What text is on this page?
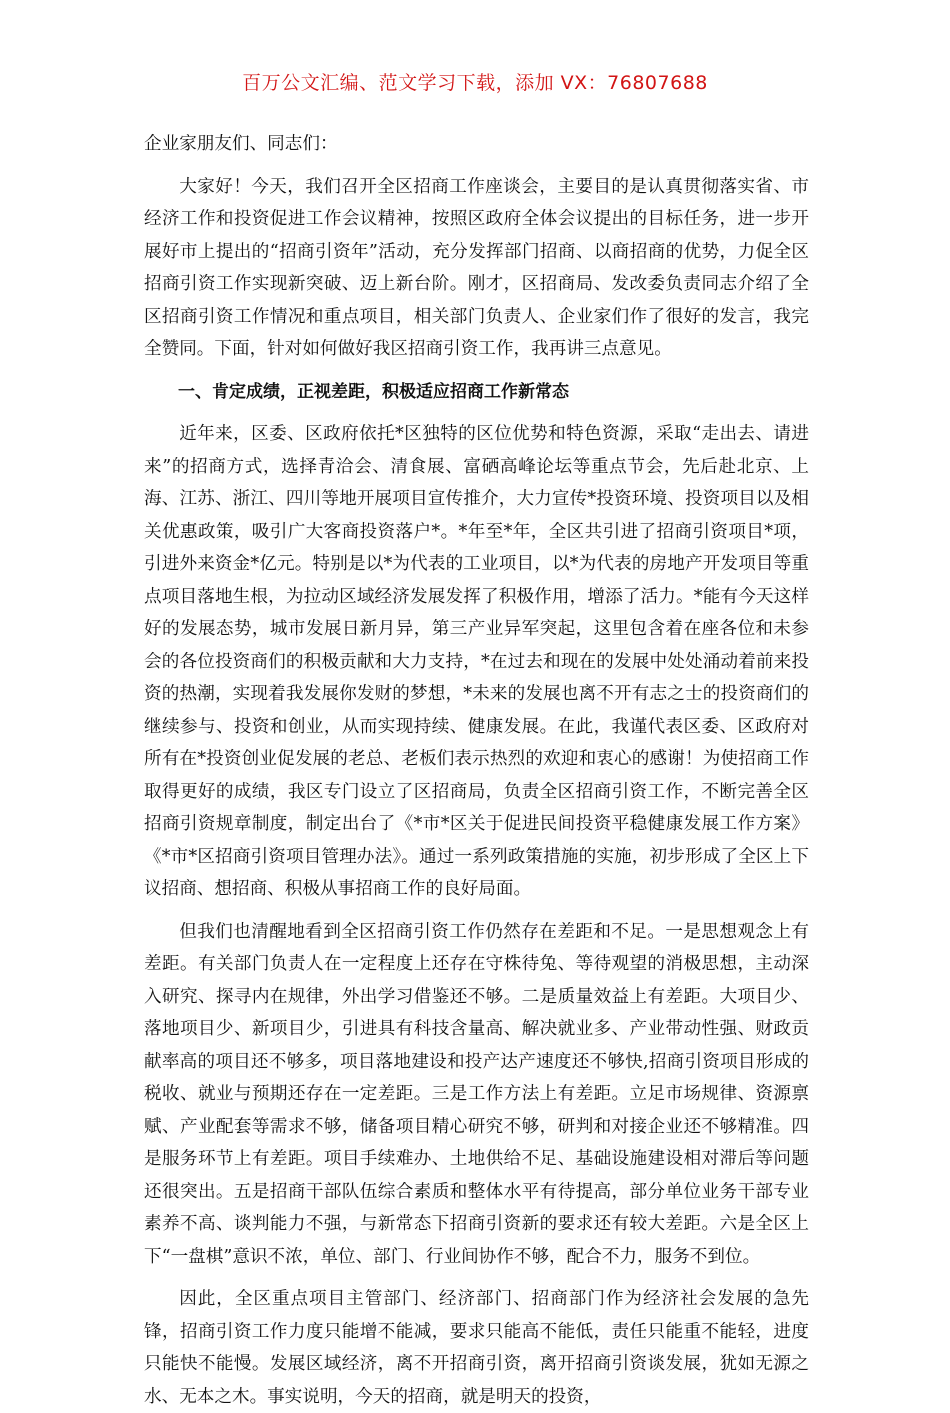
百万公文汇编、范文学习下载，添加 VX：76807688

企业家朋友们、同志们：

大家好！今天，我们召开全区招商工作座谈会，主要目的是认真贯彻落实省、市经济工作和投资促进工作会议精神，按照区政府全体会议提出的目标任务，进一步开展好市上提出的“招商引资年”活动，充分发挥部门招商、以商招商的优势，力促全区招商引资工作实现新突破、迈上新台阶。刚才，区招商局、发改委负责同志介绍了全区招商引资工作情况和重点项目，相关部门负责人、企业家们作了很好的发言，我完全赞同。下面，针对如何做好我区招商引资工作，我再讲三点意见。

一、肯定成绩，正视差距，积极适应招商工作新常态

近年来，区委、区政府依托*区独特的区位优势和特色资源，采取“走出去、请进来”的招商方式，选择青洽会、清食展、富硒高峰论坛等重点节会，先后赴北京、上海、江苏、浙江、四川等地开展项目宣传推介，大力宣传*投资环境、投资项目以及相关优惠政策，吸引广大客商投资落户*。*年至*年，全区共引进了招商引资项目*项，引进外来资金*亿元。特别是以*为代表的工业项目，以*为代表的房地产开发项目等重点项目落地生根，为拉动区域经济发展发挥了积极作用，增添了活力。*能有今天这样好的发展态势，城市发展日新月异，第三产业异军突起，这里包含着在座各位和未参会的各位投资商们的积极贡献和大力支持，*在过去和现在的发展中处处涌动着前来投资的热潮，实现着我发展你发财的梦想，*未来的发展也离不开有志之士的投资商们的继续参与、投资和创业，从而实现持续、健康发展。在此，我谨代表区委、区政府对所有在*投资创业促发展的老总、老板们表示热烈的欢迎和衷心的感谢！为使招商工作取得更好的成绩，我区专门设立了区招商局，负责全区招商引资工作，不断完善全区招商引资规章制度，制定出台了《*市*区关于促进民间投资平稳健康发展工作方案》《*市*区招商引资项目管理办法》。通过一系列政策措施的实施，初步形成了全区上下议招商、想招商、积极从事招商工作的良好局面。

但我们也清醒地看到全区招商引资工作仍然存在差距和不足。一是思想观念上有差距。有关部门负责人在一定程度上还存在守株待兔、等待观望的消极思想，主动深入研究、探寻内在规律，外出学习借鉴还不够。二是质量效益上有差距。大项目少、落地项目少、新项目少，引进具有科技含量高、解决就业多、产业带动性强、财政贡献率高的项目还不够多，项目落地建设和投产达产速度还不够快,招商引资项目形成的税收、就业与预期还存在一定差距。三是工作方法上有差距。立足市场规律、资源禀赋、产业配套等需求不够，储备项目精心研究不够，研判和对接企业还不够精准。四是服务环节上有差距。项目手续难办、土地供给不足、基础设施建设相对滞后等问题还很突出。五是招商干部队伍综合素质和整体水平有待提高，部分单位业务干部专业素养不高、谈判能力不强，与新常态下招商引资新的要求还有较大差距。六是全区上下“一盘棋”意识不浓，单位、部门、行业间协作不够，配合不力，服务不到位。

因此，全区重点项目主管部门、经济部门、招商部门作为经济社会发展的急先锋，招商引资工作力度只能增不能减，要求只能高不能低，责任只能重不能轻，进度只能快不能慢。发展区域经济，离不开招商引资，离开招商引资谈发展，犹如无源之水、无本之木。事实说明，今天的招商，就是明天的投资，
